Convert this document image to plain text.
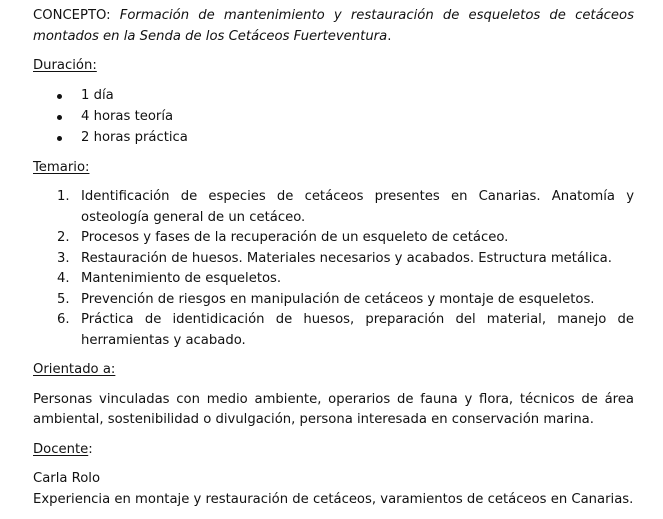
CONCEPTO: Formación de mantenimiento y restauración de esqueletos de cetáceos montados en la Senda de los Cetáceos Fuerteventura.

Duración:

1 día
4 horas teoría
2 horas práctica

Temario:

1. Identificación de especies de cetáceos presentes en Canarias. Anatomía y osteología general de un cetáceo.
2. Procesos y fases de la recuperación de un esqueleto de cetáceo.
3. Restauración de huesos. Materiales necesarios y acabados. Estructura metálica.
4. Mantenimiento de esqueletos.
5. Prevención de riesgos en manipulación de cetáceos y montaje de esqueletos.
6. Práctica de identidicación de huesos, preparación del material, manejo de herramientas y acabado.

Orientado a:

Personas vinculadas con medio ambiente, operarios de fauna y flora, técnicos de área ambiental, sostenibilidad o divulgación, persona interesada en conservación marina.

Docente:

Carla Rolo

Experiencia en montaje y restauración de cetáceos, varamientos de cetáceos en Canarias.
